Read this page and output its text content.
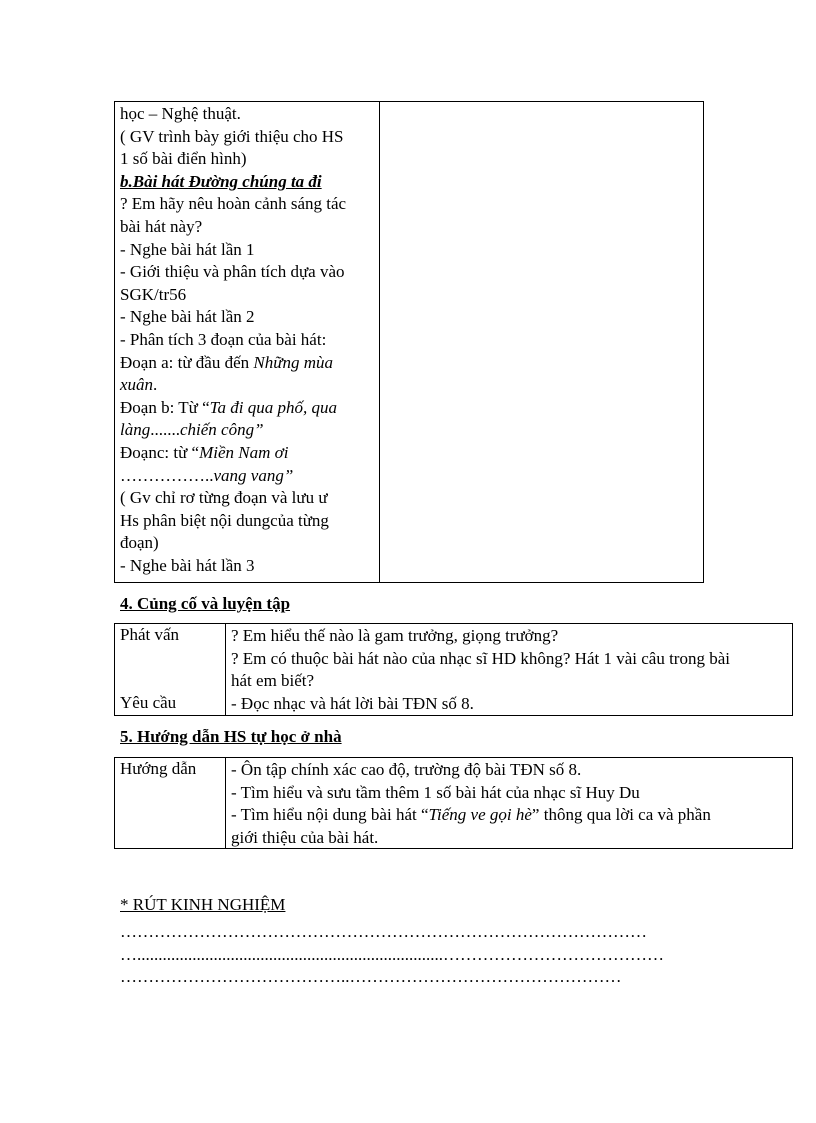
học – Nghệ thuật.
( GV trình bày giới thiệu cho HS
1 số bài điển hình)
b.Bài hát Đường chúng ta đi
? Em hãy nêu hoàn cảnh sáng tác
bài hát này?
- Nghe bài hát lần 1
- Giới thiệu và phân tích dựa vào
SGK/tr56
- Nghe bài hát lần 2
- Phân tích 3 đoạn của bài hát:
Đoạn a: từ đầu đến Những mùa
xuân.
Đoạn b: Từ “Ta đi qua phố, qua
làng.......chiến công”
Đoạnc: từ “Miền Nam ơi
……………..vang vang”
( Gv chỉ rơ từng đoạn và lưu ư
Hs phân biệt nội dungcủa từng
đoạn)
- Nghe bài hát lần 3
4. Củng cố và luyện tập
Phát vấn
Yêu cầu
? Em hiểu thế nào là gam trưởng, giọng trưởng?
? Em có thuộc bài hát nào của nhạc sĩ HD không? Hát 1 vài câu trong bài
hát em biết?
- Đọc nhạc và hát lời bài TĐN số 8.
5. Hướng dẫn HS tự học ở nhà
Hướng dẫn - Ôn tập chính xác cao độ, trường độ bài TĐN số 8.
- Tìm hiểu và sưu tầm thêm 1 số bài hát của nhạc sĩ Huy Du
- Tìm hiểu nội dung bài hát “Tiếng ve gọi hè” thông qua lời ca và phần
giới thiệu của bài hát.
* RÚT KINH NGHIỆM
…………………………………………………………………………………
…........................................................................…………………………………
…………………………………..…………………………………………
